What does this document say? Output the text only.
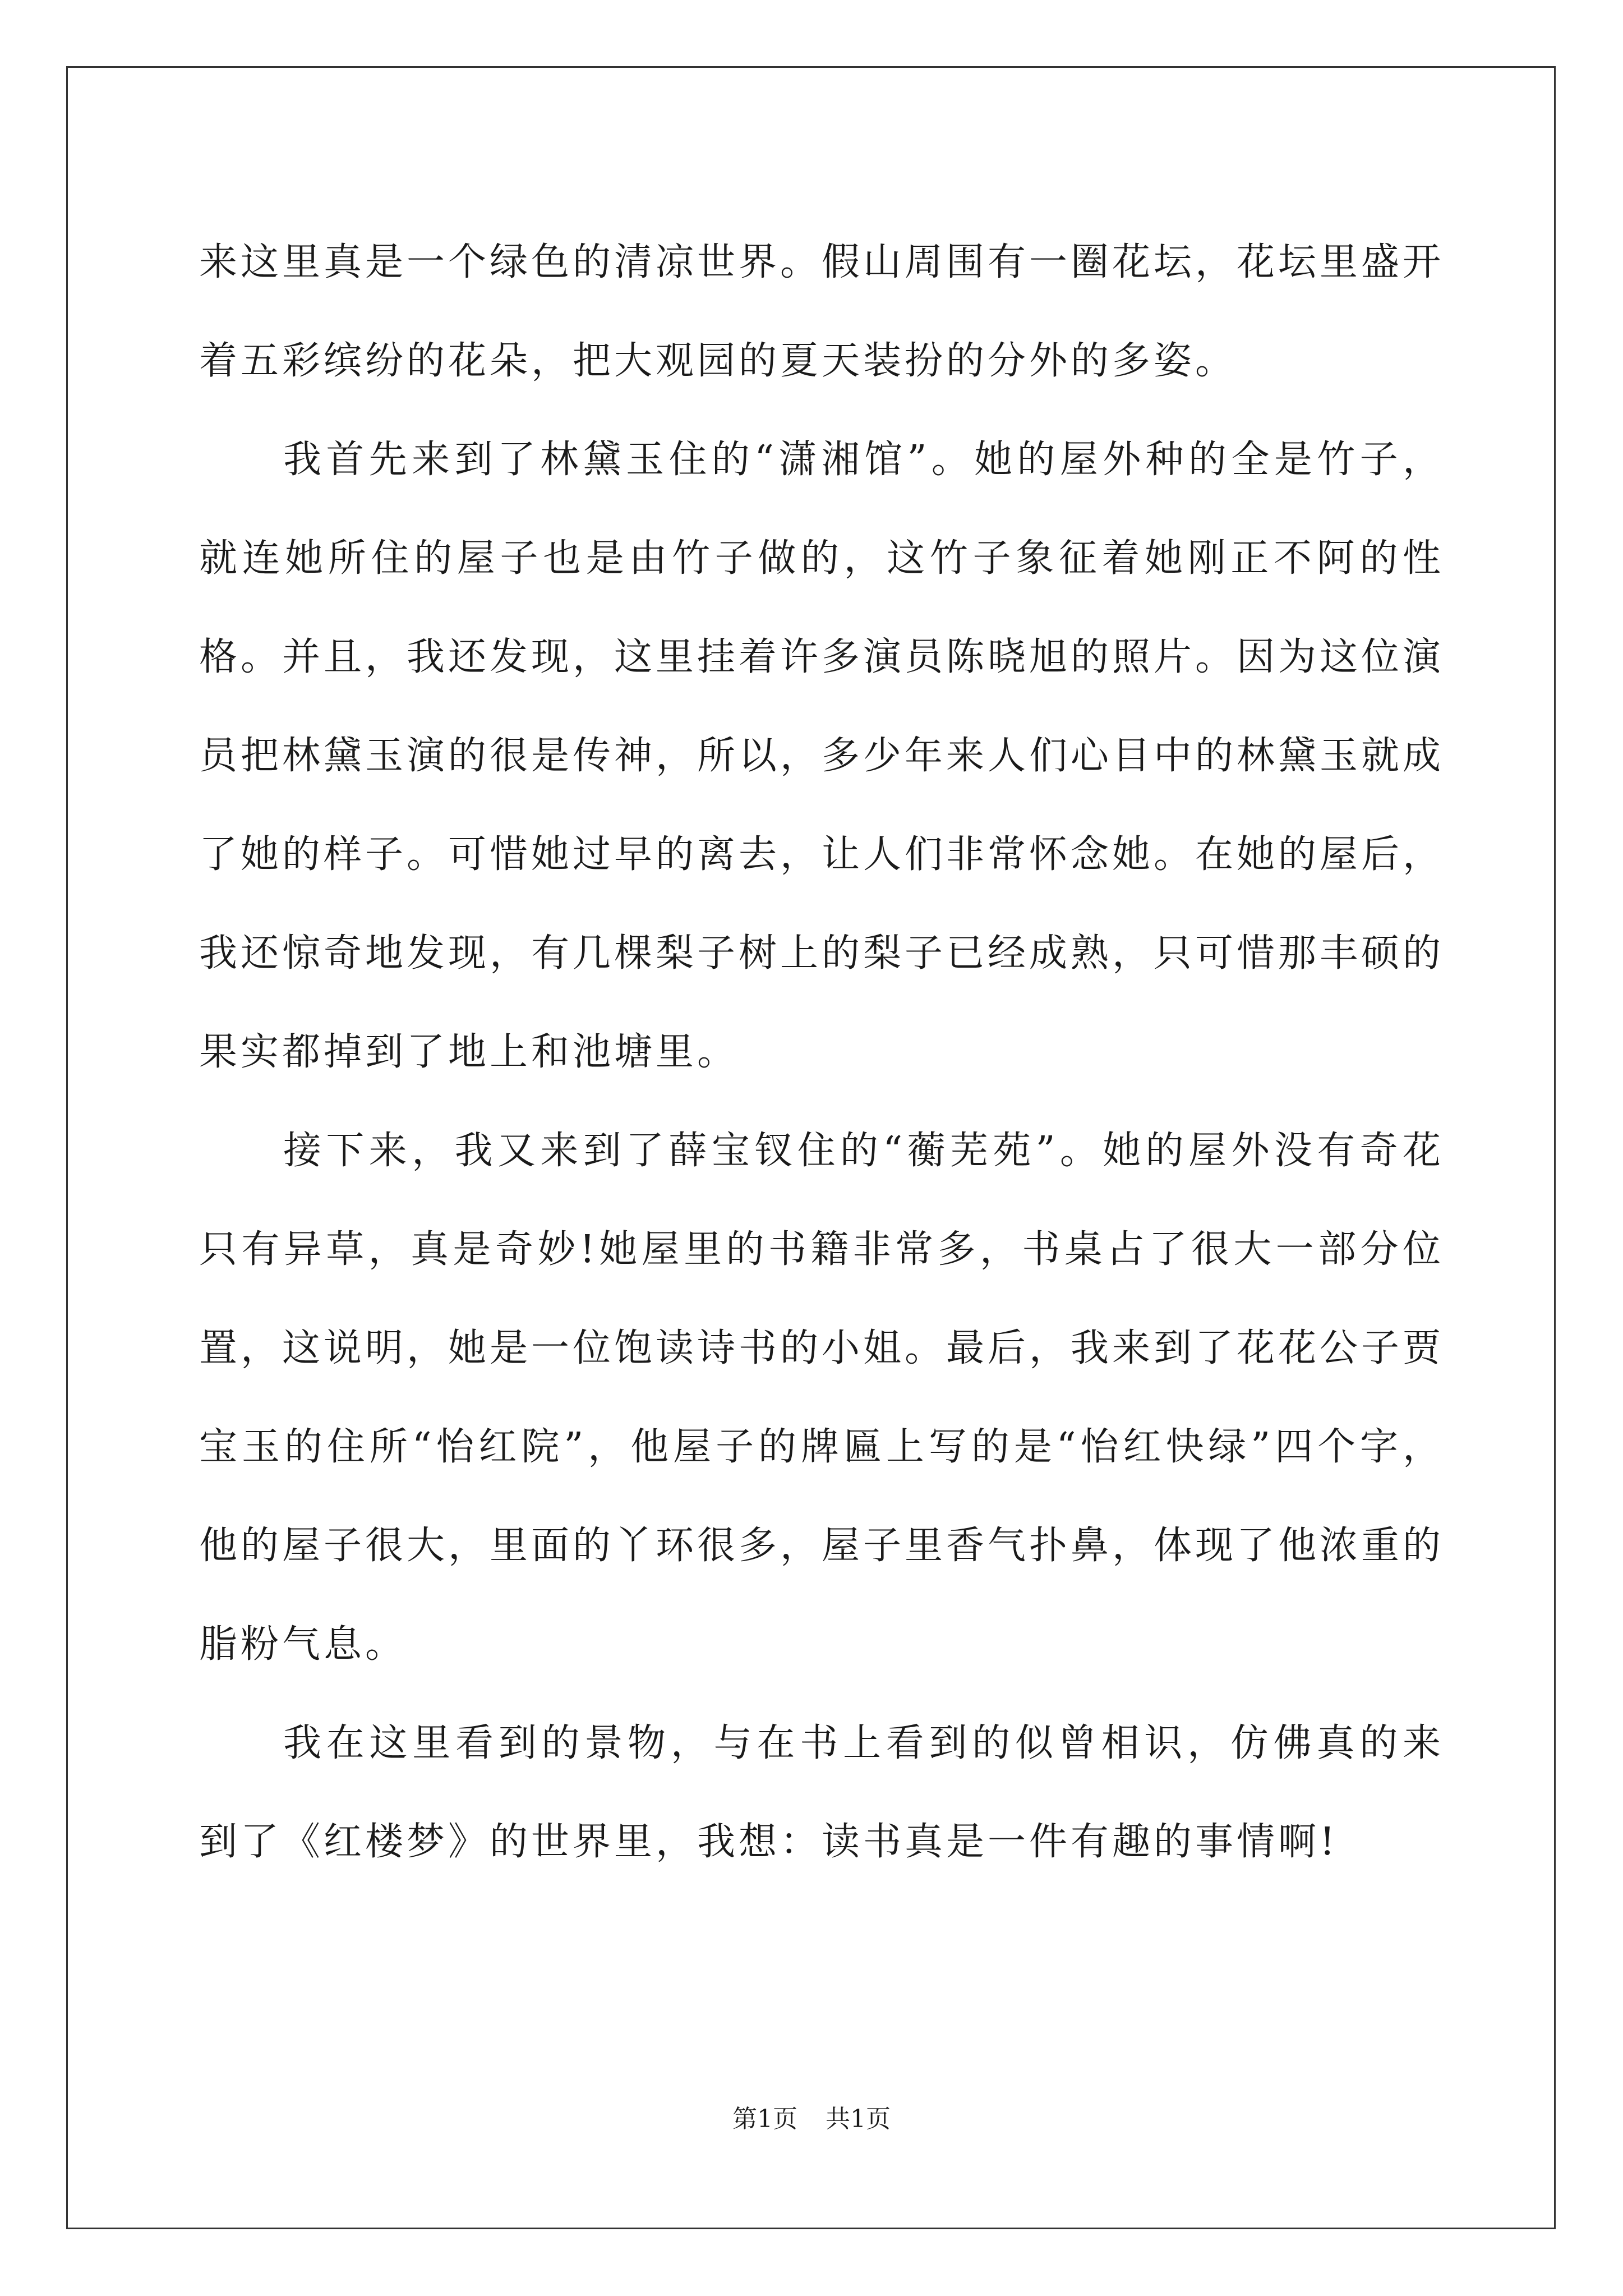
来这里真是一个绿色的清凉世界。假山周围有一圈花坛，花坛里盛开着五彩缤纷的花朵，把大观园的夏天装扮的分外的多姿。

我首先来到了林黛玉住的“潇湘馆”。她的屋外种的全是竹子，就连她所住的屋子也是由竹子做的，这竹子象征着她刚正不阿的性格。并且，我还发现，这里挂着许多演员陈晓旭的照片。因为这位演员把林黛玉演的很是传神，所以，多少年来人们心目中的林黛玉就成了她的样子。可惜她过早的离去，让人们非常怀念她。在她的屋后，我还惊奇地发现，有几棵梨子树上的梨子已经成熟，只可惜那丰硕的果实都掉到了地上和池塘里。

接下来，我又来到了薛宝钗住的“蘅芜苑”。她的屋外没有奇花只有异草，真是奇妙!她屋里的书籍非常多，书桌占了很大一部分位置，这说明，她是一位饱读诗书的小姐。最后，我来到了花花公子贾宝玉的住所“怡红院”，他屋子的牌匾上写的是“怡红快绿”四个字，他的屋子很大，里面的丫环很多，屋子里香气扑鼻，体现了他浓重的脂粉气息。

我在这里看到的景物，与在书上看到的似曾相识，仿佛真的来到了《红楼梦》的世界里，我想：读书真是一件有趣的事情啊!

第1页 共1页
